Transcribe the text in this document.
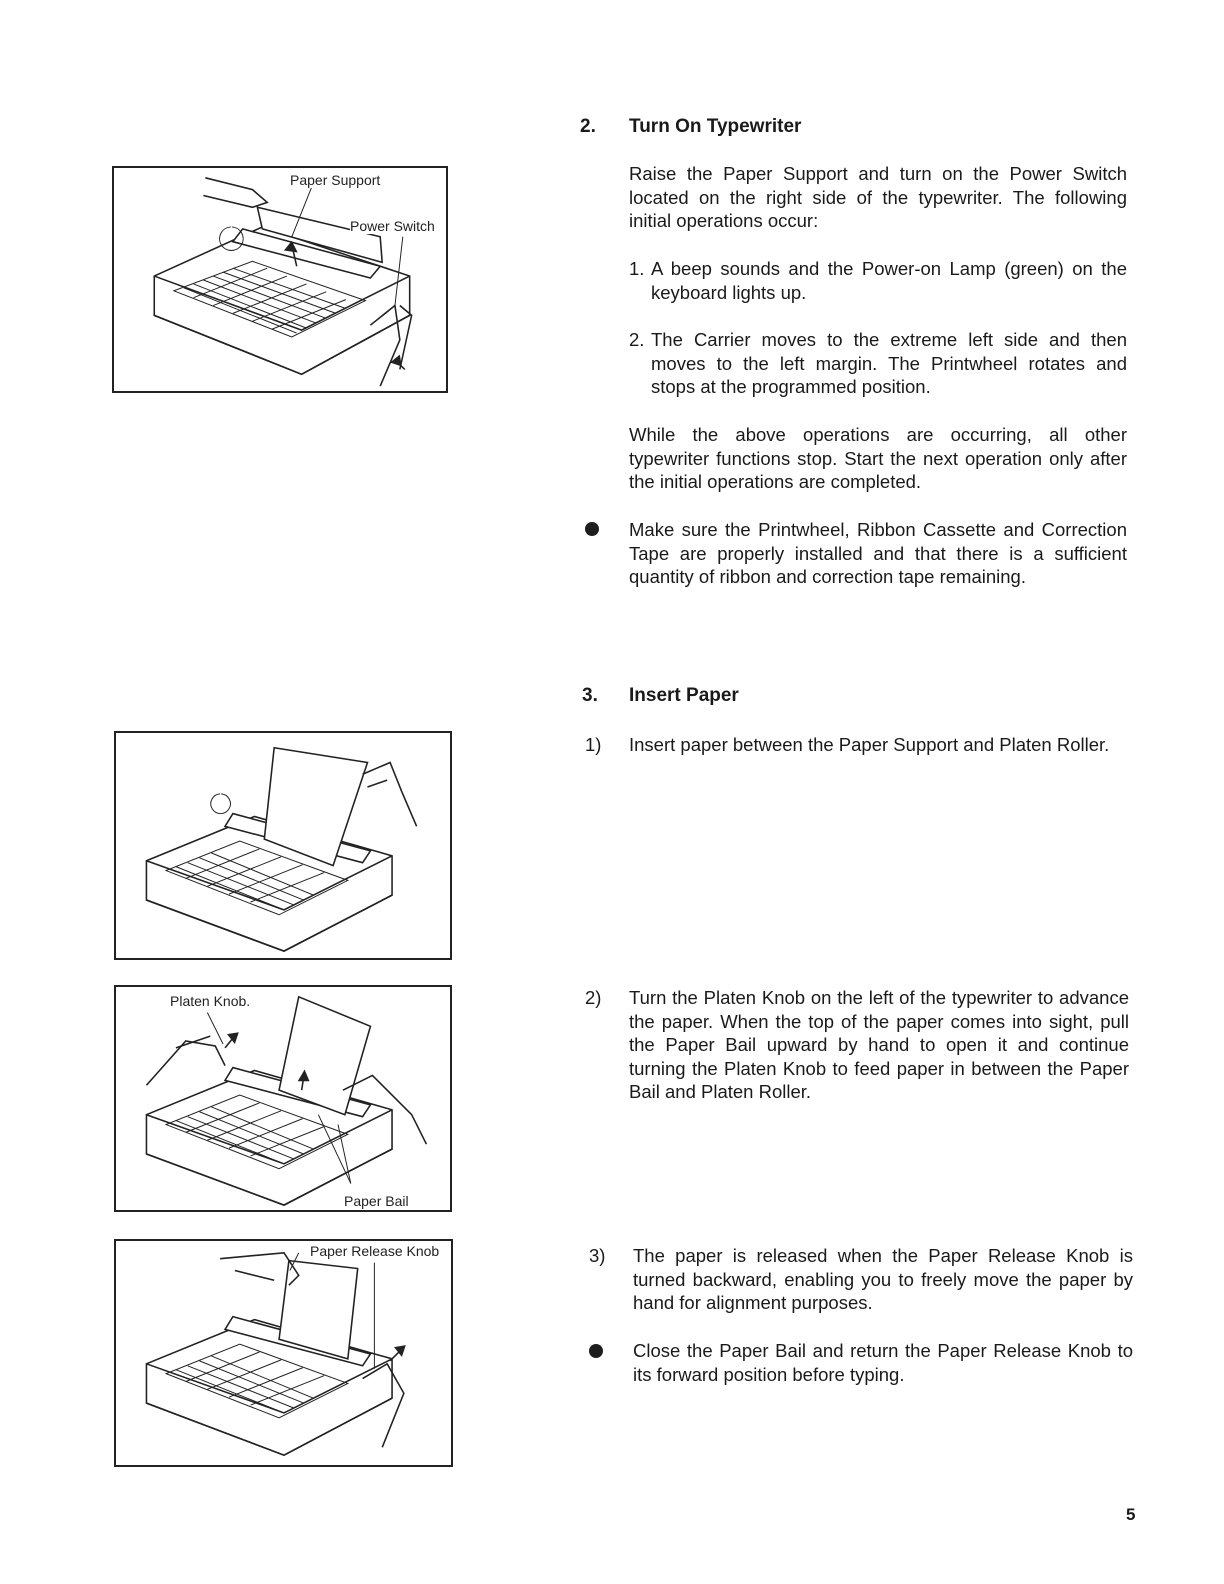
Paper Support
Power Switch
Platen Knob.
Paper Bail
Paper Release Knob
2. Turn On Typewriter
Raise the Paper Support and turn on the Power Switch located on the right side of the typewriter. The following initial operations occur:
1. A beep sounds and the Power-on Lamp (green) on the keyboard lights up.
2. The Carrier moves to the extreme left side and then moves to the left margin. The Printwheel rotates and stops at the programmed position.
While the above operations are occurring, all other typewriter functions stop. Start the next operation only after the initial operations are completed.
Make sure the Printwheel, Ribbon Cassette and Correction Tape are properly installed and that there is a sufficient quantity of ribbon and correction tape remaining.
3. Insert Paper
1) Insert paper between the Paper Support and Platen Roller.
2) Turn the Platen Knob on the left of the typewriter to advance the paper. When the top of the paper comes into sight, pull the Paper Bail upward by hand to open it and continue turning the Platen Knob to feed paper in between the Paper Bail and Platen Roller.
3) The paper is released when the Paper Release Knob is turned backward, enabling you to freely move the paper by hand for alignment purposes.
Close the Paper Bail and return the Paper Release Knob to its forward position before typing.
5
